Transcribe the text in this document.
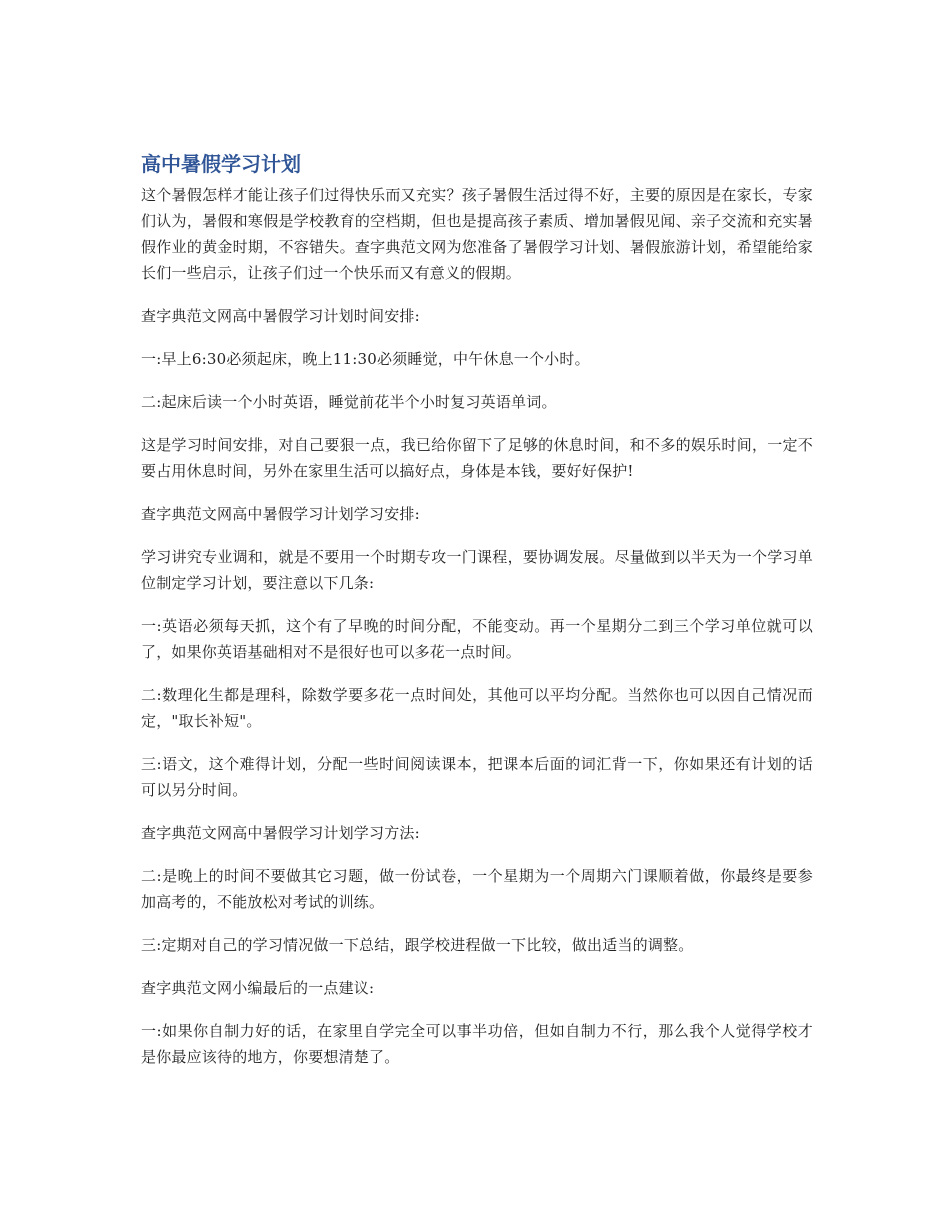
高中暑假学习计划

这个暑假怎样才能让孩子们过得快乐而又充实？孩子暑假生活过得不好，主要的原因是在家长，专家们认为，暑假和寒假是学校教育的空档期，但也是提高孩子素质、增加暑假见闻、亲子交流和充实暑假作业的黄金时期，不容错失。查字典范文网为您准备了暑假学习计划、暑假旅游计划，希望能给家长们一些启示，让孩子们过一个快乐而又有意义的假期。

查字典范文网高中暑假学习计划时间安排:

一:早上6:30必须起床，晚上11:30必须睡觉，中午休息一个小时。

二:起床后读一个小时英语，睡觉前花半个小时复习英语单词。

这是学习时间安排，对自己要狠一点，我已给你留下了足够的休息时间，和不多的娱乐时间，一定不要占用休息时间，另外在家里生活可以搞好点，身体是本钱，要好好保护!

查字典范文网高中暑假学习计划学习安排:

学习讲究专业调和，就是不要用一个时期专攻一门课程，要协调发展。尽量做到以半天为一个学习单位制定学习计划，要注意以下几条:

一:英语必须每天抓，这个有了早晚的时间分配，不能变动。再一个星期分二到三个学习单位就可以了，如果你英语基础相对不是很好也可以多花一点时间。

二:数理化生都是理科，除数学要多花一点时间处，其他可以平均分配。当然你也可以因自己情况而定，"取长补短"。

三:语文，这个难得计划，分配一些时间阅读课本，把课本后面的词汇背一下，你如果还有计划的话可以另分时间。

查字典范文网高中暑假学习计划学习方法:

二:是晚上的时间不要做其它习题，做一份试卷，一个星期为一个周期六门课顺着做，你最终是要参加高考的，不能放松对考试的训练。

三:定期对自己的学习情况做一下总结，跟学校进程做一下比较，做出适当的调整。

查字典范文网小编最后的一点建议:

一:如果你自制力好的话，在家里自学完全可以事半功倍，但如自制力不行，那么我个人觉得学校才是你最应该待的地方，你要想清楚了。
